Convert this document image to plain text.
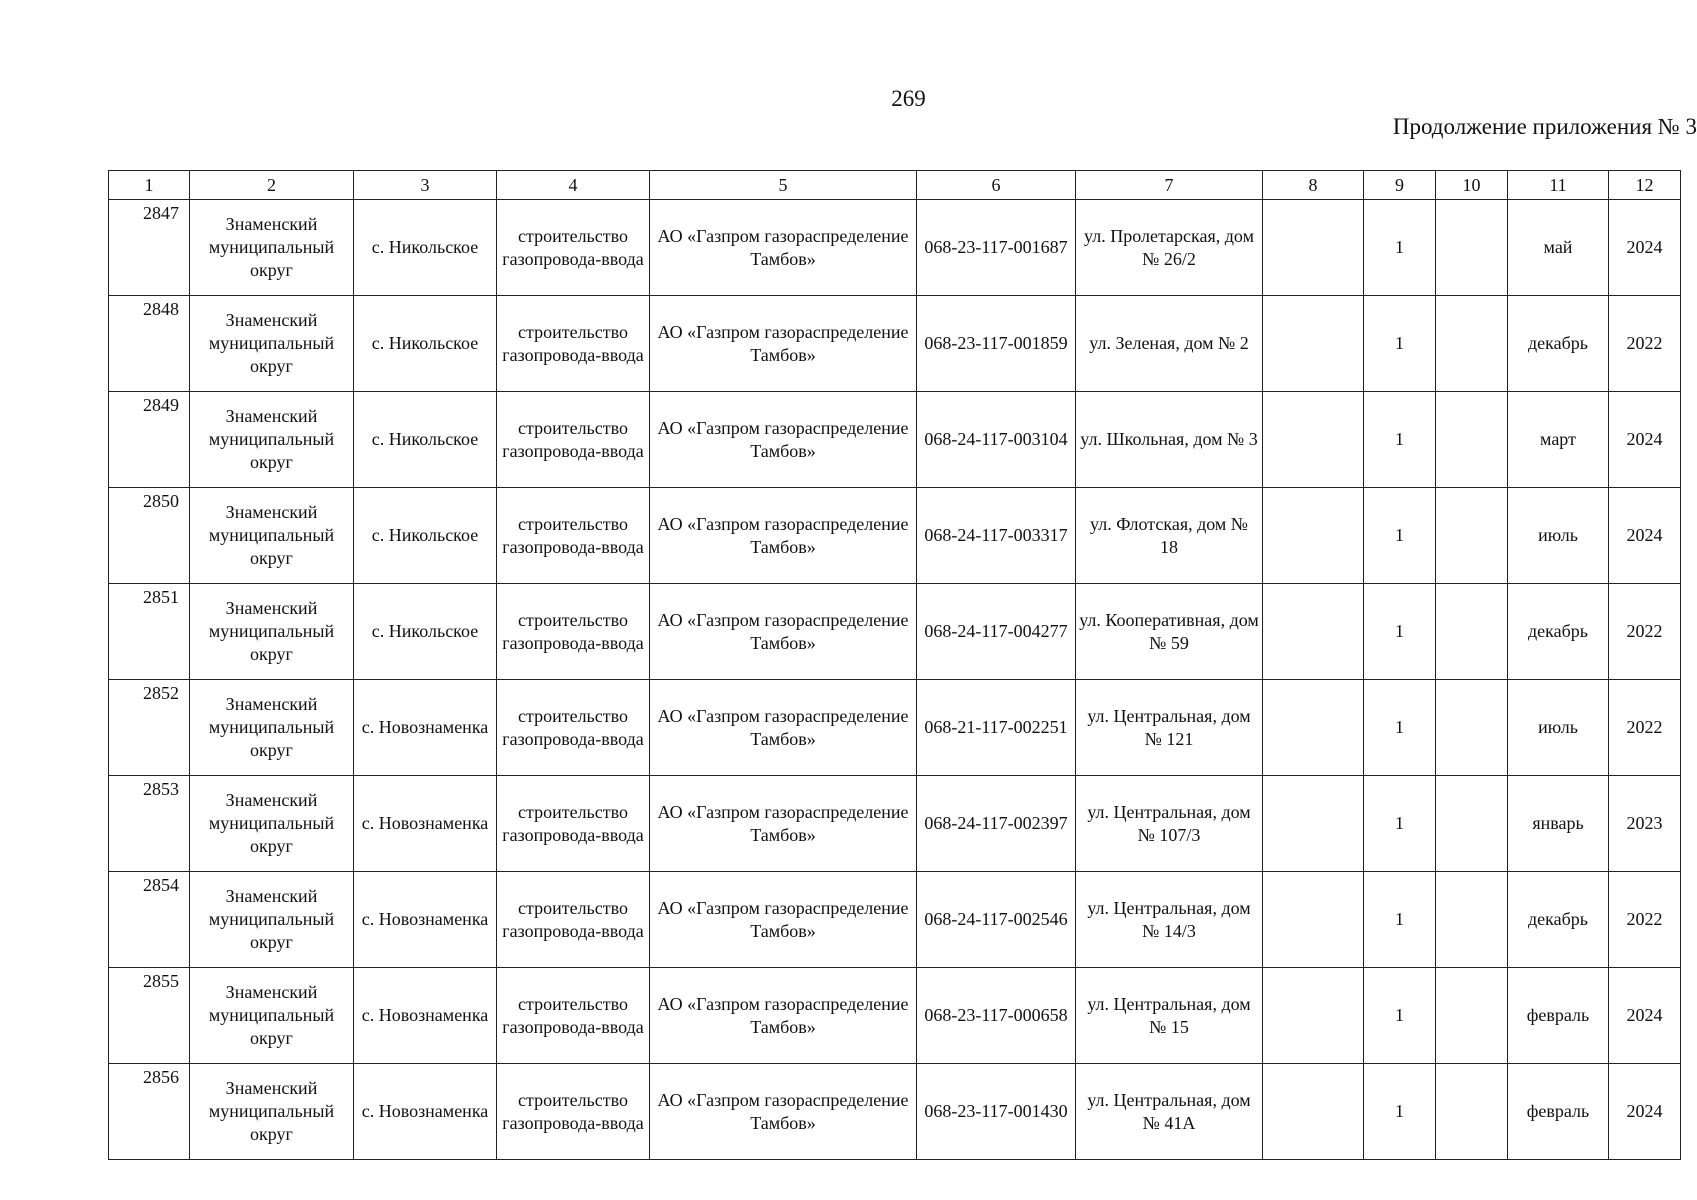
269
Продолжение приложения № 3
1	2	3	4	5	6	7	8	9	10	11	12
2847	Знаменский муниципальный округ	с. Никольское	строительство газопровода-ввода	АО «Газпром газораспределение Тамбов»	068-23-117-001687	ул. Пролетарская, дом № 26/2		1		май	2024
2848	Знаменский муниципальный округ	с. Никольское	строительство газопровода-ввода	АО «Газпром газораспределение Тамбов»	068-23-117-001859	ул. Зеленая, дом № 2		1		декабрь	2022
2849	Знаменский муниципальный округ	с. Никольское	строительство газопровода-ввода	АО «Газпром газораспределение Тамбов»	068-24-117-003104	ул. Школьная, дом № 3		1		март	2024
2850	Знаменский муниципальный округ	с. Никольское	строительство газопровода-ввода	АО «Газпром газораспределение Тамбов»	068-24-117-003317	ул. Флотская, дом № 18		1		июль	2024
2851	Знаменский муниципальный округ	с. Никольское	строительство газопровода-ввода	АО «Газпром газораспределение Тамбов»	068-24-117-004277	ул. Кооперативная, дом № 59		1		декабрь	2022
2852	Знаменский муниципальный округ	с. Новознаменка	строительство газопровода-ввода	АО «Газпром газораспределение Тамбов»	068-21-117-002251	ул. Центральная, дом № 121		1		июль	2022
2853	Знаменский муниципальный округ	с. Новознаменка	строительство газопровода-ввода	АО «Газпром газораспределение Тамбов»	068-24-117-002397	ул. Центральная, дом № 107/3		1		январь	2023
2854	Знаменский муниципальный округ	с. Новознаменка	строительство газопровода-ввода	АО «Газпром газораспределение Тамбов»	068-24-117-002546	ул. Центральная, дом № 14/3		1		декабрь	2022
2855	Знаменский муниципальный округ	с. Новознаменка	строительство газопровода-ввода	АО «Газпром газораспределение Тамбов»	068-23-117-000658	ул. Центральная, дом № 15		1		февраль	2024
2856	Знаменский муниципальный округ	с. Новознаменка	строительство газопровода-ввода	АО «Газпром газораспределение Тамбов»	068-23-117-001430	ул. Центральная, дом № 41А		1		февраль	2024
